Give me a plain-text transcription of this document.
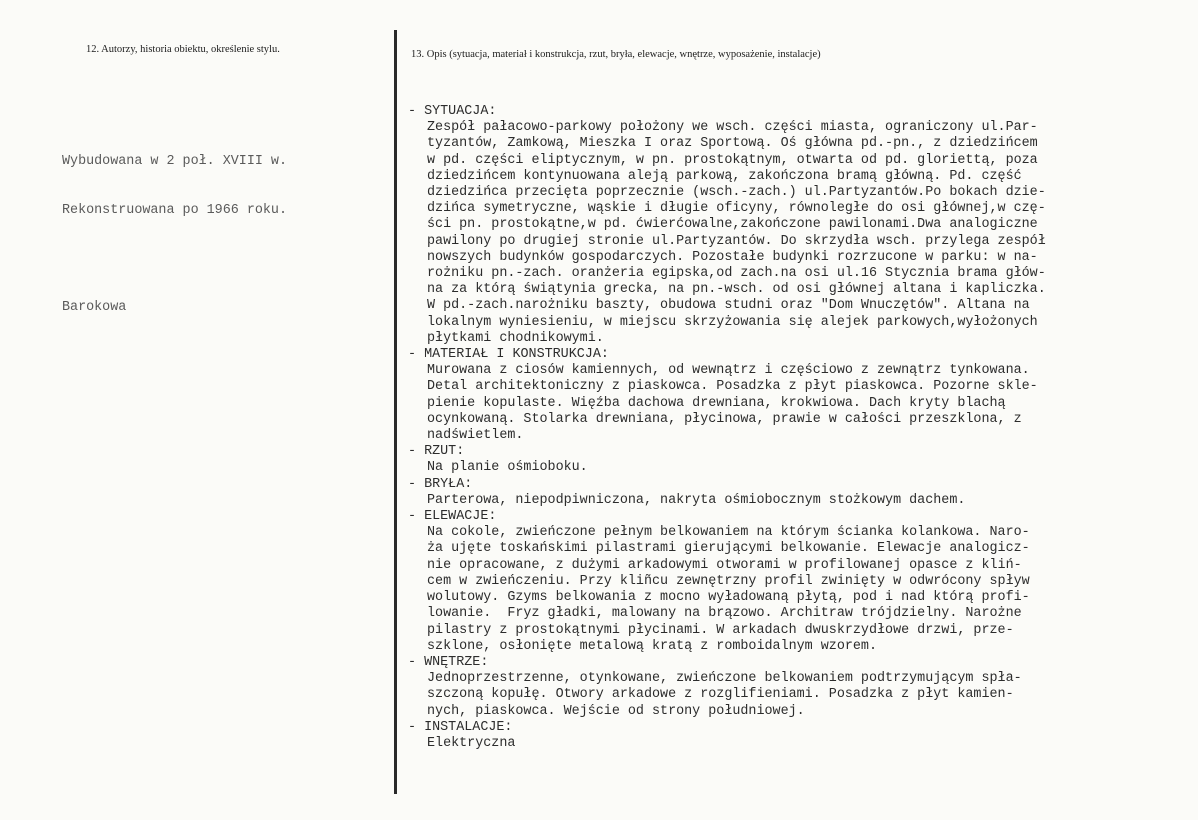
12. Autorzy, historia obiektu, określenie stylu.

Wybudowana w 2 poł. XVIII w.

Rekonstruowana po 1966 roku.

Barokowa

13. Opis (sytuacja, materiał i konstrukcja, rzut, bryła, elewacje, wnętrze, wyposażenie, instalacje)
- SYTUACJA:
Zespół pałacowo-parkowy położony we wsch. części miasta, ograniczony ul.Par-
tyzantów, Zamkową, Mieszka I oraz Sportową. Oś główna pd.-pn., z dziedzińcem
w pd. części eliptycznym, w pn. prostokątnym, otwarta od pd. gloriettą, poza
dziedzińcem kontynuowana aleją parkową, zakończona bramą główną. Pd. część
dziedzińca przecięta poprzecznie (wsch.-zach.) ul.Partyzantów.Po bokach dzie-
dzińca symetryczne, wąskie i długie oficyny, równoległe do osi głównej,w czę-
ści pn. prostokątne,w pd. ćwierćowalne,zakończone pawilonami.Dwa analogiczne
pawilony po drugiej stronie ul.Partyzantów. Do skrzydła wsch. przylega zespół
nowszych budynków gospodarczych. Pozostałe budynki rozrzucone w parku: w na-
rożniku pn.-zach. oranżeria egipska,od zach.na osi ul.16 Stycznia brama głów-
na za którą świątynia grecka, na pn.-wsch. od osi głównej altana i kapliczka.
W pd.-zach.narożniku baszty, obudowa studni oraz "Dom Wnuczętów". Altana na
lokalnym wyniesieniu, w miejscu skrzyżowania się alejek parkowych,wyłożonych
płytkami chodnikowymi.
- MATERIAŁ I KONSTRUKCJA:
Murowana z ciosów kamiennych, od wewnątrz i częściowo z zewnątrz tynkowana.
Detal architektoniczny z piaskowca. Posadzka z płyt piaskowca. Pozorne skle-
pienie kopulaste. Więźba dachowa drewniana, krokwiowa. Dach kryty blachą
ocynkowaną. Stolarka drewniana, płycinowa, prawie w całości przeszklona, z
nadświetlem.
- RZUT:
Na planie ośmioboku.
- BRYŁA:
Parterowa, niepodpiwniczona, nakryta ośmiobocznym stożkowym dachem.
- ELEWACJE:
Na cokole, zwieńczone pełnym belkowaniem na którym ścianka kolankowa. Naro-
ża ujęte toskańskimi pilastrami gierującymi belkowanie. Elewacje analogicz-
nie opracowane, z dużymi arkadowymi otworami w profilowanej opasce z kliń-
cem w zwieńczeniu. Przy kliñcu zewnętrzny profil zwinięty w odwrócony spływ
wolutowy. Gzyms belkowania z mocno wyładowaną płytą, pod i nad którą profi-
lowanie.  Fryz gładki, malowany na brązowo. Architraw trójdzielny. Narożne
pilastry z prostokątnymi płycinami. W arkadach dwuskrzydłowe drzwi, prze-
szklone, osłonięte metalową kratą z romboidalnym wzorem.
- WNĘTRZE:
Jednoprzestrzenne, otynkowane, zwieńczone belkowaniem podtrzymującym spła-
szczoną kopułę. Otwory arkadowe z rozglifieniami. Posadzka z płyt kamien-
nych, piaskowca. Wejście od strony południowej.
- INSTALACJE:
Elektryczna
